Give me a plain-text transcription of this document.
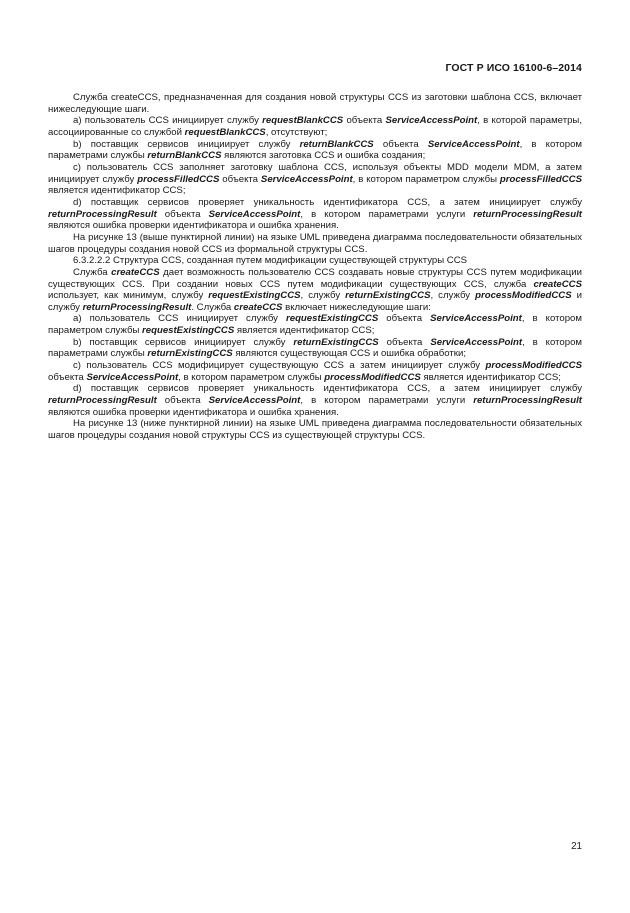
ГОСТ Р ИСО 16100-6–2014

Служба createCCS, предназначенная для создания новой структуры CCS из заготовки шаблона CCS, включает нижеследующие шаги.

а) пользователь CCS инициирует службу requestBlankCCS объекта ServiceAccessPoint, в которой параметры, ассоциированные со службой requestBlankCCS, отсутствуют;

b) поставщик сервисов инициирует службу returnBlankCCS объекта ServiceAccessPoint, в котором параметрами службы returnBlankCCS являются заготовка CCS и ошибка создания;

с) пользователь CCS заполняет заготовку шаблона CCS, используя объекты MDD модели MDM, а затем инициирует службу processFilledCCS объекта ServiceAccessPoint, в котором параметром службы processFilledCCS является идентификатор CCS;

d) поставщик сервисов проверяет уникальность идентификатора CCS, а затем инициирует службу returnProcessingResult объекта ServiceAccessPoint, в котором параметрами услуги returnProcessingResult являются ошибка проверки идентификатора и ошибка хранения.

На рисунке 13 (выше пунктирной линии) на языке UML приведена диаграмма последовательности обязательных шагов процедуры создания новой CCS из формальной структуры CCS.

6.3.2.2.2 Структура CCS, созданная путем модификации существующей структуры CCS

Служба createCCS дает возможность пользователю CCS создавать новые структуры CCS путем модификации существующих CCS. При создании новых CCS путем модификации существующих CCS, служба createCCS использует, как минимум, службу requestExistingCCS, службу returnExistingCCS, службу processModifiedCCS и службу returnProcessingResult. Служба createCCS включает нижеследующие шаги:

а) пользователь CCS инициирует службу requestExistingCCS объекта ServiceAccessPoint, в котором параметром службы requestExistingCCS является идентификатор CCS;

b) поставщик сервисов инициирует службу returnExistingCCS объекта ServiceAccessPoint, в котором параметрами службы returnExistingCCS являются существующая CCS и ошибка обработки;

с) пользователь CCS модифицирует существующую CCS а затем инициирует службу processModifiedCCS объекта ServiceAccessPoint, в котором параметром службы processModifiedCCS является идентификатор CCS;

d) поставщик сервисов проверяет уникальность идентификатора CCS, а затем инициирует службу returnProcessingResult объекта ServiceAccessPoint, в котором параметрами услуги returnProcessingResult являются ошибка проверки идентификатора и ошибка хранения.

На рисунке 13 (ниже пунктирной линии) на языке UML приведена диаграмма последовательности обязательных шагов процедуры создания новой структуры CCS из существующей структуры CCS.

21
